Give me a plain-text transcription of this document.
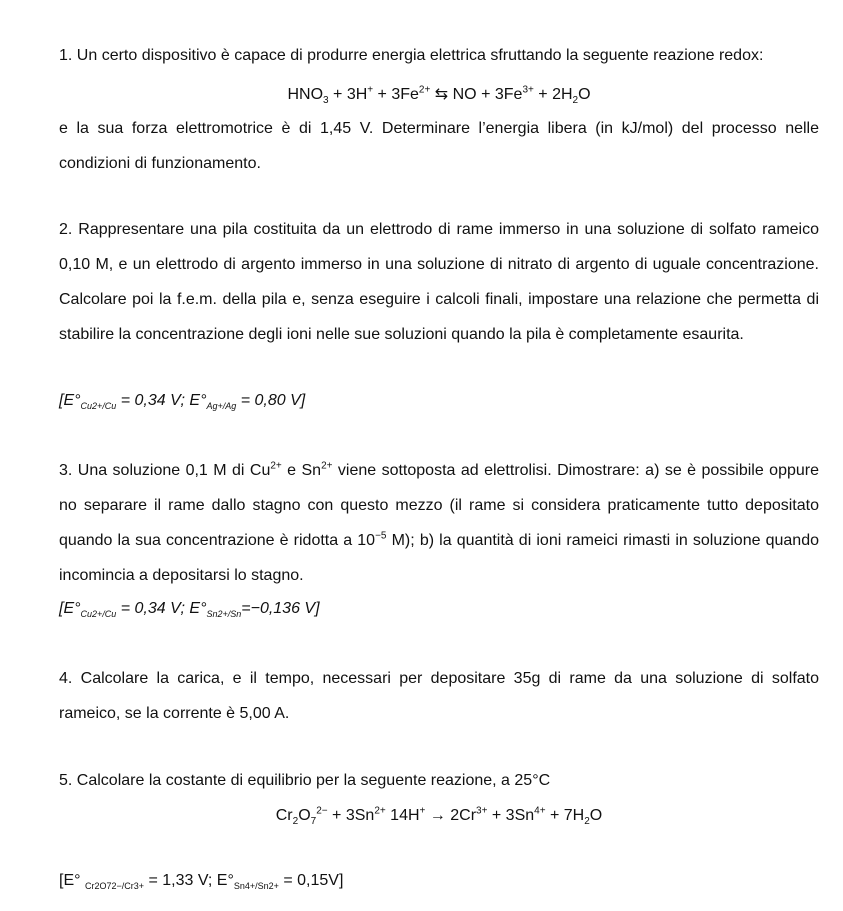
1. Un certo dispositivo è capace di produrre energia elettrica sfruttando la seguente reazione redox:
$HNO_3 + 3H^+ + 3Fe^{2+}$ ⇆ NO + $3Fe^{3+} + 2H_2O$
e la sua forza elettromotrice è di 1,45 V. Determinare l’energia libera (in kJ/mol) del processo nelle condizioni di funzionamento.
2. Rappresentare una pila costituita da un elettrodo di rame immerso in una soluzione di solfato rameico 0,10 M, e un elettrodo di argento immerso in una soluzione di nitrato di argento di uguale concentrazione. Calcolare poi la f.e.m. della pila e, senza eseguire i calcoli finali, impostare una relazione che permetta di stabilire la concentrazione degli ioni nelle sue soluzioni quando la pila è completamente esaurita.
[$E^\circ_{Cu2+/Cu} = 0,34$ V; $E^\circ_{Ag+/Ag} = 0,80$ V]
3. Una soluzione 0,1 M di $Cu^{2+}$ e $Sn^{2+}$ viene sottoposta ad elettrolisi. Dimostrare: a) se è possibile oppure no separare il rame dallo stagno con questo mezzo (il rame si considera praticamente tutto depositato quando la sua concentrazione è ridotta a $10^{-5}$ M); b) la quantità di ioni rameici rimasti in soluzione quando incomincia a depositarsi lo stagno.
[$E^\circ_{Cu2+/Cu} = 0,34$ V; $E^\circ_{Sn2+/Sn}=-0,136$ V]
4. Calcolare la carica, e il tempo, necessari per depositare 35g di rame da una soluzione di solfato rameico, se la corrente è 5,00 A.
5. Calcolare la costante di equilibrio per la seguente reazione, a 25°C
$Cr_2O_7^{2-} + 3Sn^{2+}$ $14H^+ \to 2Cr^{3+} + 3Sn^{4+} + 7H_2O$
[E° $_{Cr2O72-/Cr3+}$ = 1,33 V; $E^\circ_{Sn4+/Sn2+} = 0,15V$]
